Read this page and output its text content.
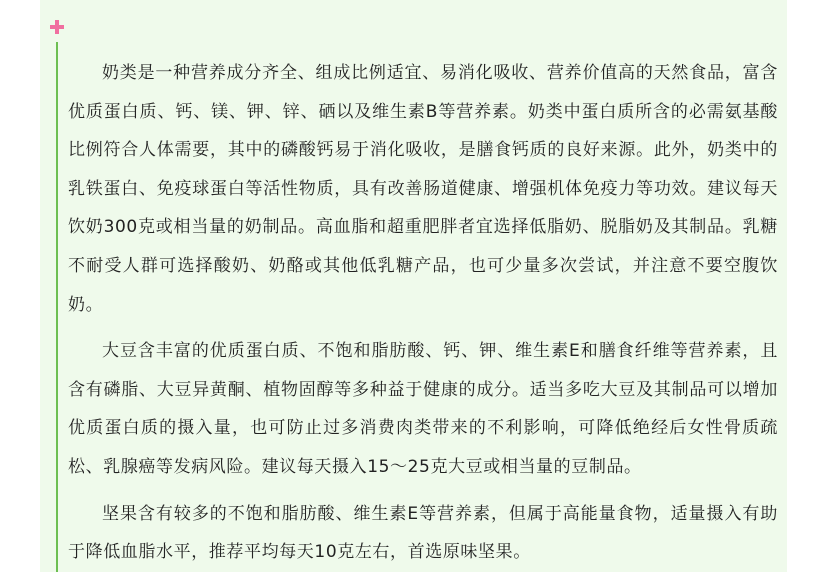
奶类是一种营养成分齐全、组成比例适宜、易消化吸收、营养价值高的天然食品，富含优质蛋白质、钙、镁、钾、锌、硒以及维生素B等营养素。奶类中蛋白质所含的必需氨基酸比例符合人体需要，其中的磷酸钙易于消化吸收，是膳食钙质的良好来源。此外，奶类中的乳铁蛋白、免疫球蛋白等活性物质，具有改善肠道健康、增强机体免疫力等功效。建议每天饮奶300克或相当量的奶制品。高血脂和超重肥胖者宜选择低脂奶、脱脂奶及其制品。乳糖不耐受人群可选择酸奶、奶酪或其他低乳糖产品，也可少量多次尝试，并注意不要空腹饮奶。

大豆含丰富的优质蛋白质、不饱和脂肪酸、钙、钾、维生素E和膳食纤维等营养素，且含有磷脂、大豆异黄酮、植物固醇等多种益于健康的成分。适当多吃大豆及其制品可以增加优质蛋白质的摄入量，也可防止过多消费肉类带来的不利影响，可降低绝经后女性骨质疏松、乳腺癌等发病风险。建议每天摄入15～25克大豆或相当量的豆制品。

坚果含有较多的不饱和脂肪酸、维生素E等营养素，但属于高能量食物，适量摄入有助于降低血脂水平，推荐平均每天10克左右，首选原味坚果。
